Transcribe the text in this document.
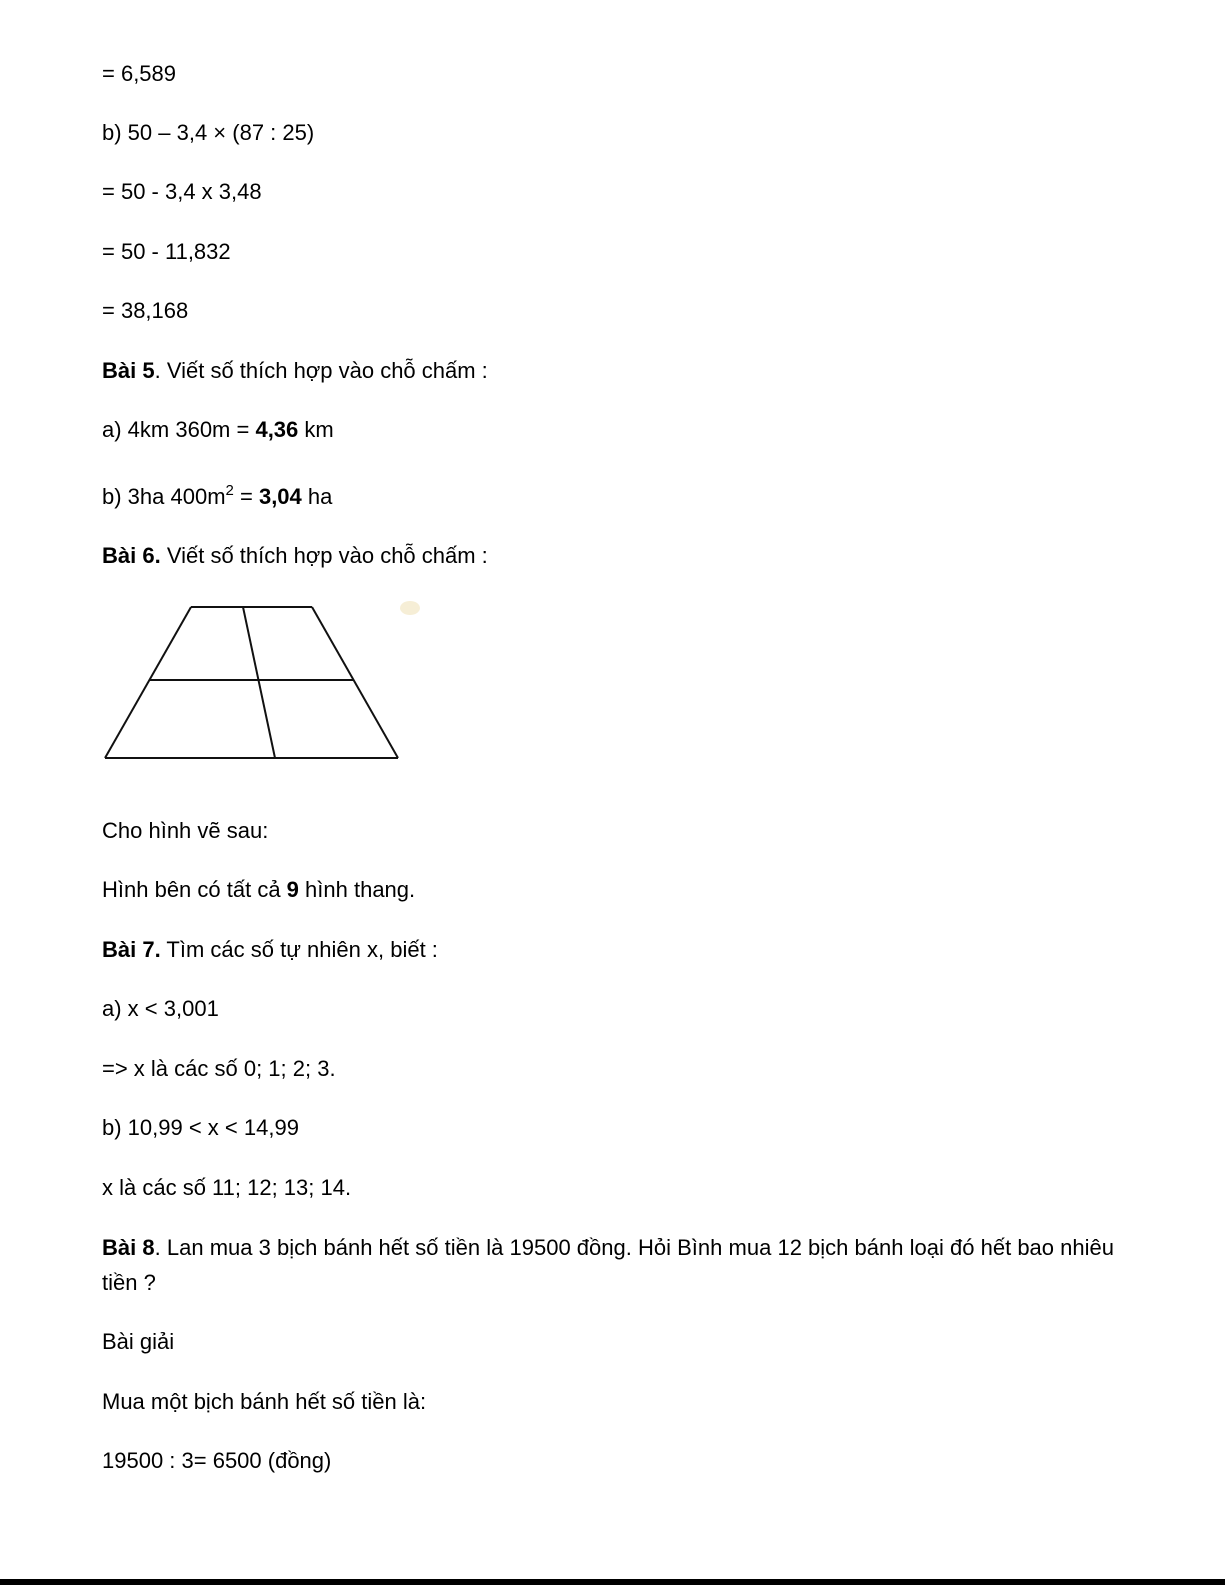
= 6,589
b) 50 – 3,4 × (87 : 25)
= 50 - 3,4 x 3,48
= 50 - 11,832
= 38,168
Bài 5. Viết số thích hợp vào chỗ chấm :
a) 4km 360m = 4,36 km
b) 3ha $400m^2 = 3,04$ ha
Bài 6. Viết số thích hợp vào chỗ chấm :
Cho hình vẽ sau:
Hình bên có tất cả 9 hình thang.
Bài 7. Tìm các số tự nhiên x, biết :
a) x < 3,001
=> x là các số 0; 1; 2; 3.
b) 10,99 < x < 14,99
x là các số 11; 12; 13; 14.
Bài 8. Lan mua 3 bịch bánh hết số tiền là 19500 đồng. Hỏi Bình mua 12 bịch bánh loại đó hết bao nhiêu tiền ?
Bài giải
Mua một bịch bánh hết số tiền là:
19500 : 3= 6500 (đồng)
